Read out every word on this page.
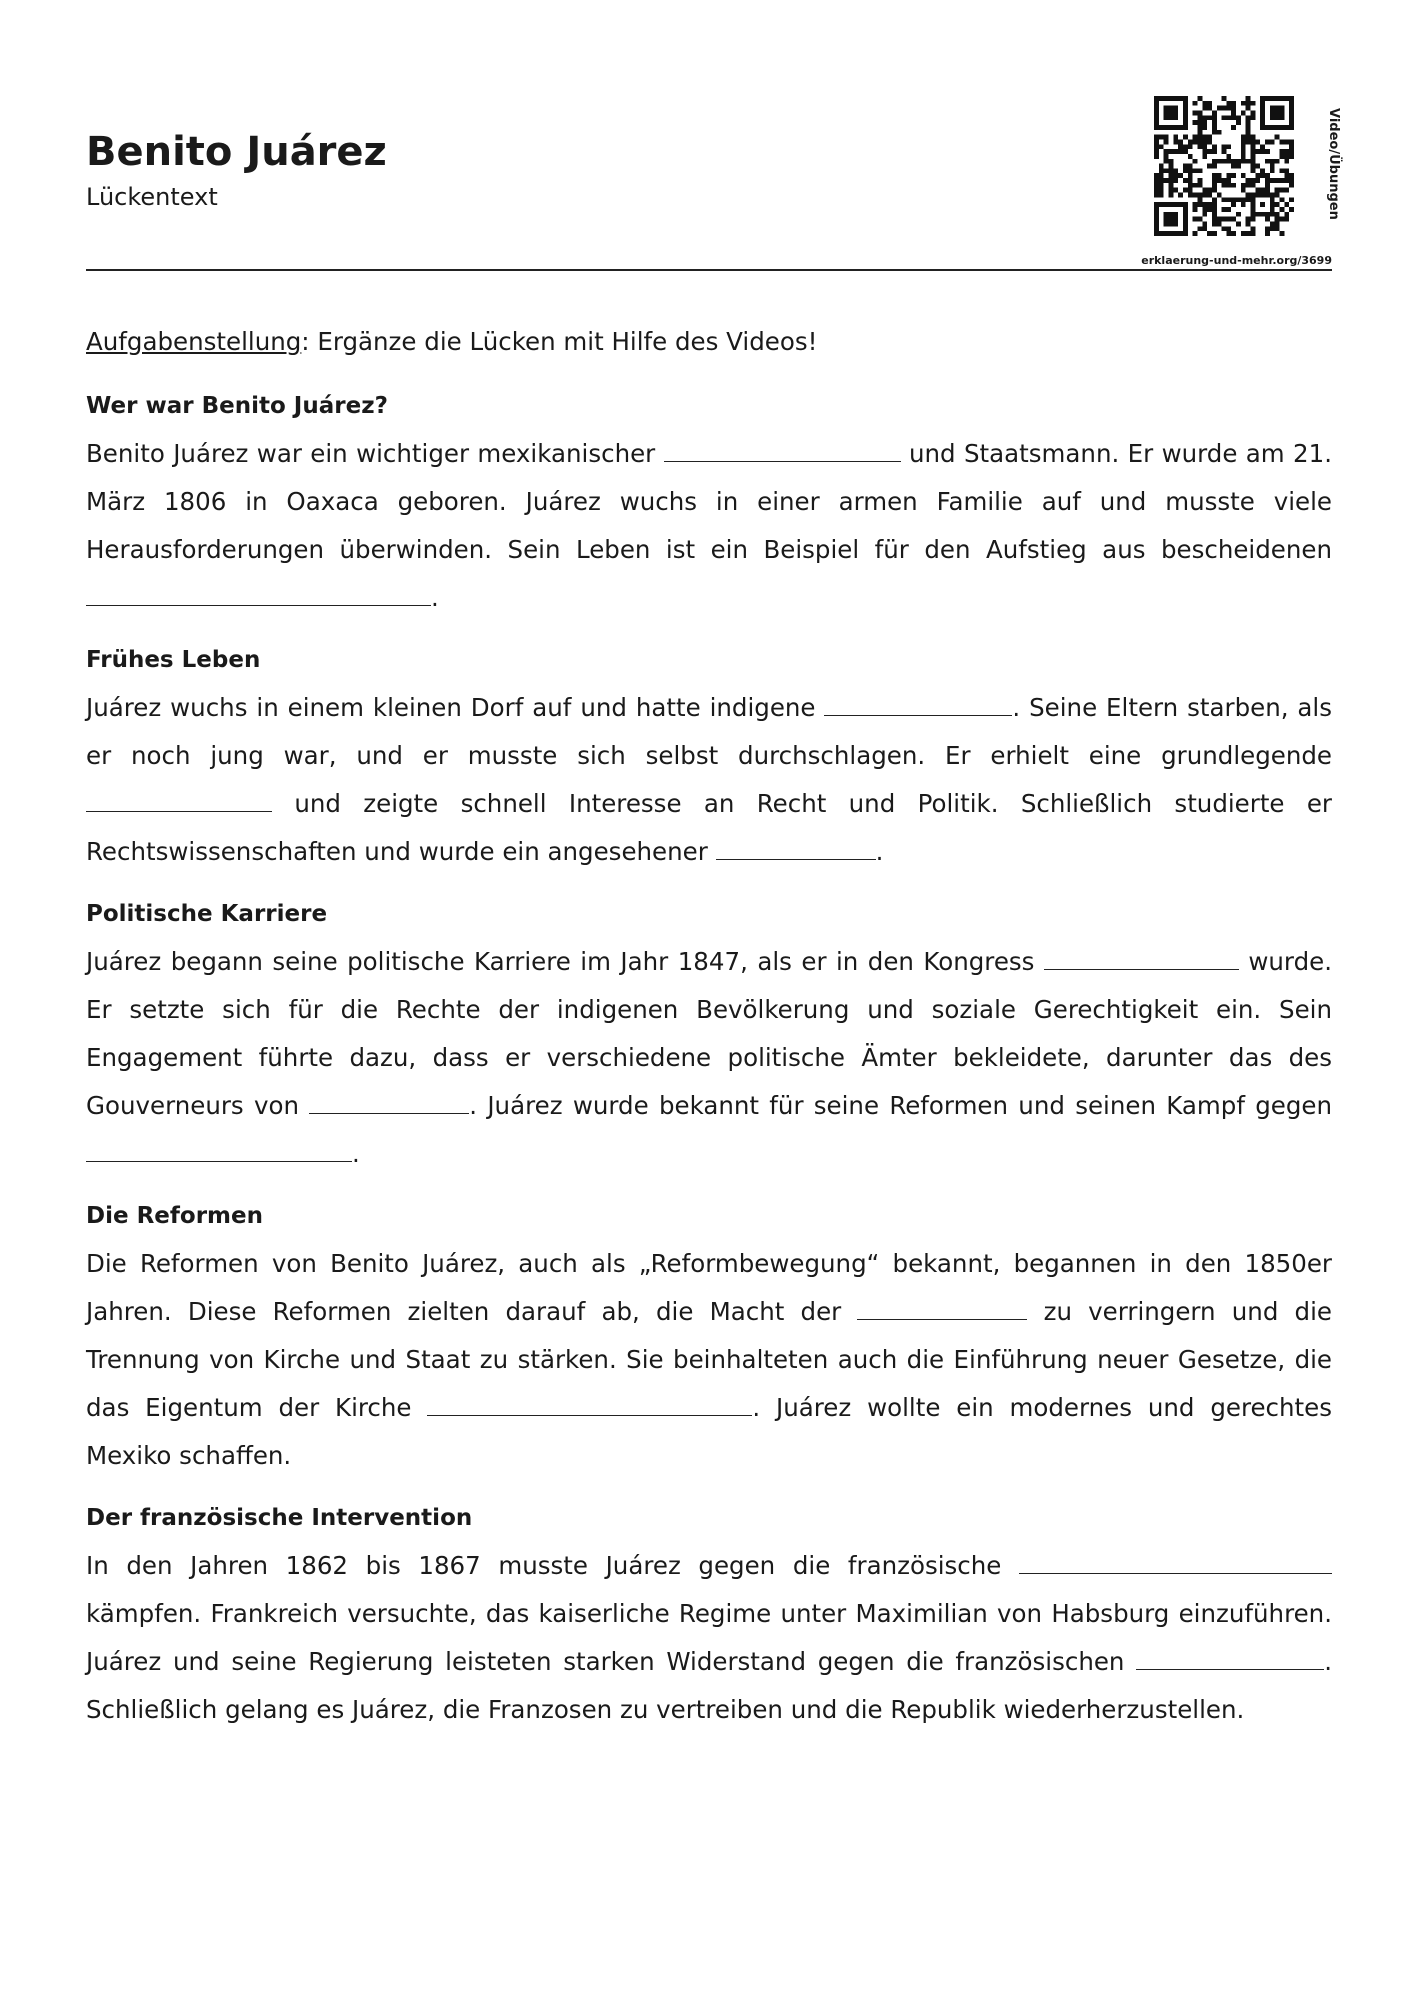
Benito Juárez

Lückentext	Video/Übungen
erklaerung-und-mehr.org/3699

Aufgabenstellung: Ergänze die Lücken mit Hilfe des Videos!

Wer war Benito Juárez?

Benito Juárez war ein wichtiger mexikanischer	und Staatsmann. Er wurde am 21. März 1806 in Oaxaca geboren. Juárez wuchs in einer armen Familie auf und musste viele Herausforderungen überwinden. Sein Leben ist ein Beispiel für den Aufstieg aus bescheidenen .

Frühes Leben

Juárez wuchs in einem kleinen Dorf auf und hatte indigene	. Seine Eltern starben, als er noch jung war, und er musste sich selbst durchschlagen. Er erhielt eine grundlegende  und zeigte schnell Interesse an Recht und Politik. Schließlich studierte er Rechtswissenschaften und wurde ein angesehener	.

Politische Karriere

Juárez begann seine politische Karriere im Jahr 1847, als er in den Kongress	wurde. Er setzte sich für die Rechte der indigenen Bevölkerung und soziale Gerechtigkeit ein. Sein Engagement führte dazu, dass er verschiedene politische Ämter bekleidete, darunter das des Gouverneurs von	. Juárez wurde bekannt für seine Reformen und seinen Kampf gegen .

Die Reformen

Die Reformen von Benito Juárez, auch als „Reformbewegung“ bekannt, begannen in den 1850er Jahren. Diese Reformen zielten darauf ab, die Macht der	zu verringern und die Trennung von Kirche und Staat zu stärken. Sie beinhalteten auch die Einführung neuer Gesetze, die das Eigentum der Kirche	. Juárez wollte ein modernes und gerechtes Mexiko schaffen.

Der französische Intervention

In den Jahren 1862 bis 1867 musste Juárez gegen die französische  kämpfen. Frankreich versuchte, das kaiserliche Regime unter Maximilian von Habsburg einzuführen. Juárez und seine Regierung leisteten starken Widerstand gegen die französischen	. Schließlich gelang es Juárez, die Franzosen zu vertreiben und die Republik wiederherzustellen.
